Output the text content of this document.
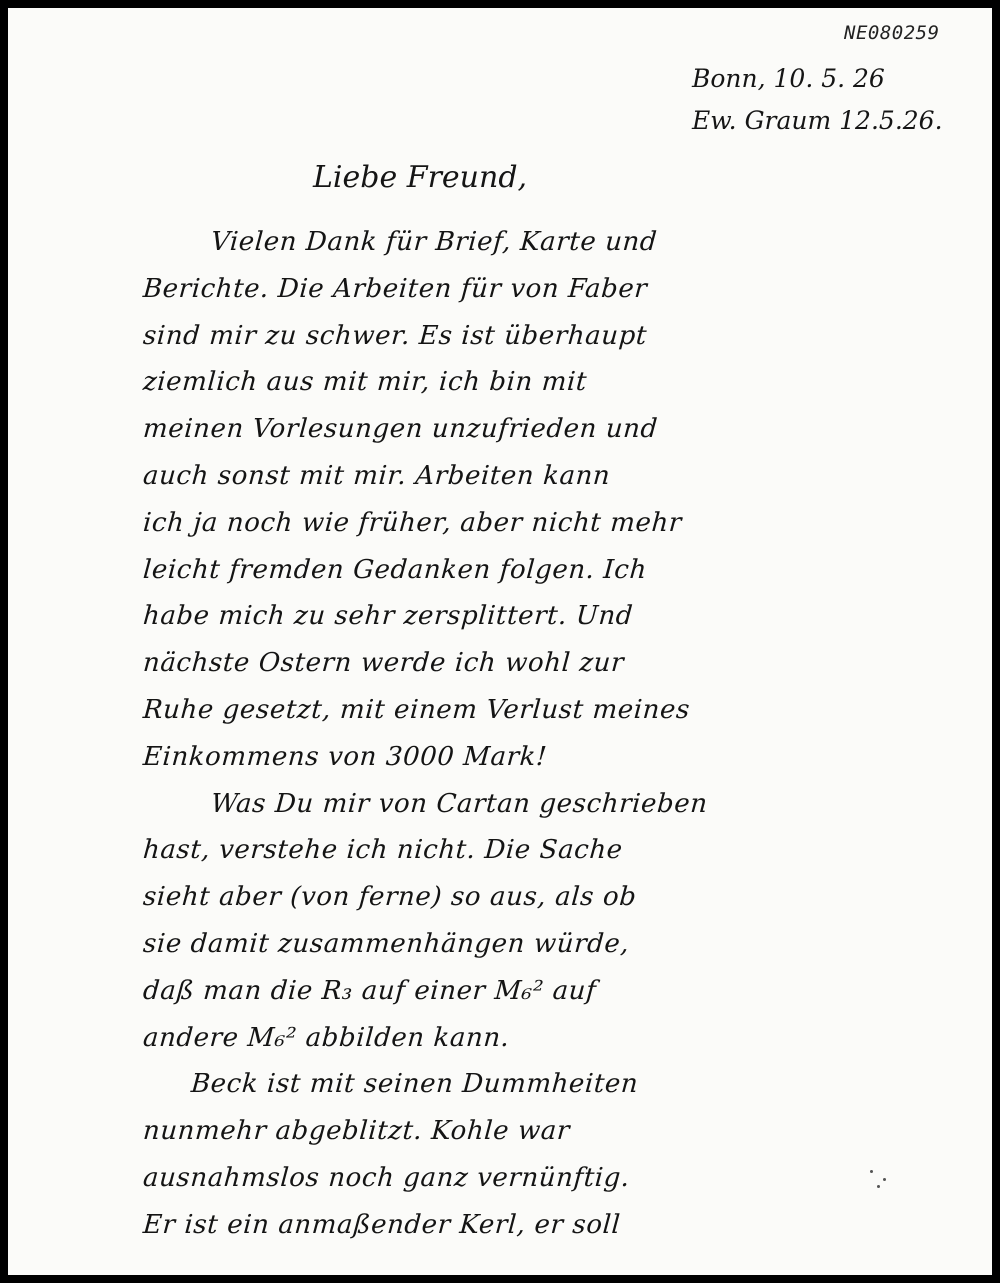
NE080259
Bonn, 10. 5. 26
Ew. Graum 12.5.26.
Liebe Freund,
Vielen Dank für Brief, Karte und
Berichte. Die Arbeiten für von Faber
sind mir zu schwer. Es ist überhaupt
ziemlich aus mit mir, ich bin mit
meinen Vorlesungen unzufrieden und
auch sonst mit mir. Arbeiten kann
ich ja noch wie früher, aber nicht mehr
leicht fremden Gedanken folgen. Ich
habe mich zu sehr zersplittert. Und
nächste Ostern werde ich wohl zur
Ruhe gesetzt, mit einem Verlust meines
Einkommens von 3000 Mark!
Was Du mir von Cartan geschrieben
hast, verstehe ich nicht. Die Sache
sieht aber (von ferne) so aus, als ob
sie damit zusammenhängen würde,
daß man die R₃ auf einer M₆² auf
andere M₆² abbilden kann.
Beck ist mit seinen Dummheiten
nunmehr abgeblitzt. Kohle war
ausnahmslos noch ganz vernünftig.
Er ist ein anmaßender Kerl, er soll
